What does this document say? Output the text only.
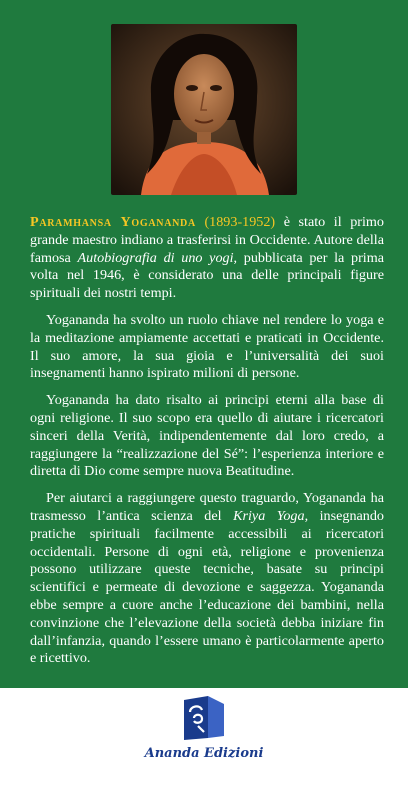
Paramhansa Yogananda (1893-1952) è stato il primo grande maestro indiano a trasferirsi in Occidente. Autore della famosa Autobiografia di uno yogi, pubblicata per la prima volta nel 1946, è considerato una delle principali figure spirituali dei nostri tempi.

Yogananda ha svolto un ruolo chiave nel rendere lo yoga e la meditazione ampiamente accettati e praticati in Occidente. Il suo amore, la sua gioia e l’universalità dei suoi insegnamenti hanno ispirato milioni di persone.

Yogananda ha dato risalto ai principi eterni alla base di ogni religione. Il suo scopo era quello di aiutare i ricercatori sinceri della Verità, indipendentemente dal loro credo, a raggiungere la “realizzazione del Sé”: l’esperienza interiore e diretta di Dio come sempre nuova Beatitudine.

Per aiutarci a raggiungere questo traguardo, Yogananda ha trasmesso l’antica scienza del Kriya Yoga, insegnando pratiche spirituali facilmente accessibili ai ricercatori occidentali. Persone di ogni età, religione e provenienza possono utilizzare queste tecniche, basate su principi scientifici e permeate di devozione e saggezza. Yogananda ebbe sempre a cuore anche l’educazione dei bambini, nella convinzione che l’elevazione della società debba iniziare fin dall’infanzia, quando l’essere umano è particolarmente aperto e ricettivo.

Ananda Edizioni
